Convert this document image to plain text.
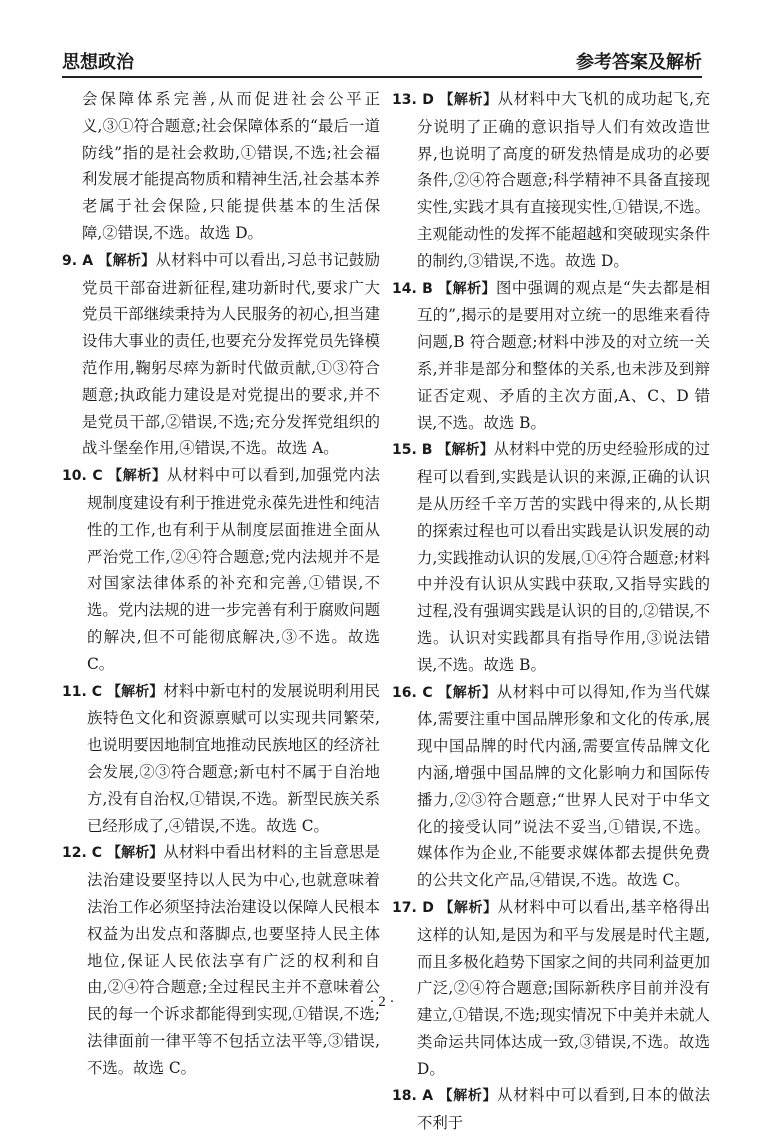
思想政治	参考答案及解析

会保障体系完善,从而促进社会公平正义,③①符合题意;社会保障体系的“最后一道防线”指的是社会救助,①错误,不选;社会福利发展才能提高物质和精神生活,社会基本养老属于社会保险,只能提供基本的生活保障,②错误,不选。故选 D。

9. A 【解析】从材料中可以看出,习总书记鼓励党员干部奋进新征程,建功新时代,要求广大党员干部继续秉持为人民服务的初心,担当建设伟大事业的责任,也要充分发挥党员先锋模范作用,鞠躬尽瘁为新时代做贡献,①③符合题意;执政能力建设是对党提出的要求,并不是党员干部,②错误,不选;充分发挥党组织的战斗堡垒作用,④错误,不选。故选 A。

10. C 【解析】从材料中可以看到,加强党内法规制度建设有利于推进党永葆先进性和纯洁性的工作,也有利于从制度层面推进全面从严治党工作,②④符合题意;党内法规并不是对国家法律体系的补充和完善,①错误,不选。党内法规的进一步完善有利于腐败问题的解决,但不可能彻底解决,③不选。故选 C。

11. C 【解析】材料中新屯村的发展说明利用民族特色文化和资源禀赋可以实现共同繁荣,也说明要因地制宜地推动民族地区的经济社会发展,②③符合题意;新屯村不属于自治地方,没有自治权,①错误,不选。新型民族关系已经形成了,④错误,不选。故选 C。

12. C 【解析】从材料中看出材料的主旨意思是法治建设要坚持以人民为中心,也就意味着法治工作必须坚持法治建设以保障人民根本权益为出发点和落脚点,也要坚持人民主体地位,保证人民依法享有广泛的权利和自由,②④符合题意;全过程民主并不意味着公民的每一个诉求都能得到实现,①错误,不选;法律面前一律平等不包括立法平等,③错误,不选。故选 C。

13. D 【解析】从材料中大飞机的成功起飞,充分说明了正确的意识指导人们有效改造世界,也说明了高度的研发热情是成功的必要条件,②④符合题意;科学精神不具备直接现实性,实践才具有直接现实性,①错误,不选。主观能动性的发挥不能超越和突破现实条件的制约,③错误,不选。故选 D。

14. B 【解析】图中强调的观点是“失去都是相互的”,揭示的是要用对立统一的思维来看待问题,B 符合题意;材料中涉及的对立统一关系,并非是部分和整体的关系,也未涉及到辩证否定观、矛盾的主次方面,A、C、D 错误,不选。故选 B。

15. B 【解析】从材料中党的历史经验形成的过程可以看到,实践是认识的来源,正确的认识是从历经千辛万苦的实践中得来的,从长期的探索过程也可以看出实践是认识发展的动力,实践推动认识的发展,①④符合题意;材料中并没有认识从实践中获取,又指导实践的过程,没有强调实践是认识的目的,②错误,不选。认识对实践都具有指导作用,③说法错误,不选。故选 B。

16. C 【解析】从材料中可以得知,作为当代媒体,需要注重中国品牌形象和文化的传承,展现中国品牌的时代内涵,需要宣传品牌文化内涵,增强中国品牌的文化影响力和国际传播力,②③符合题意;“世界人民对于中华文化的接受认同”说法不妥当,①错误,不选。媒体作为企业,不能要求媒体都去提供免费的公共文化产品,④错误,不选。故选 C。

17. D 【解析】从材料中可以看出,基辛格得出这样的认知,是因为和平与发展是时代主题,而且多极化趋势下国家之间的共同利益更加广泛,②④符合题意;国际新秩序目前并没有建立,①错误,不选;现实情况下中美并未就人类命运共同体达成一致,③错误,不选。故选 D。

18. A 【解析】从材料中可以看到,日本的做法不利于

· 2 ·
